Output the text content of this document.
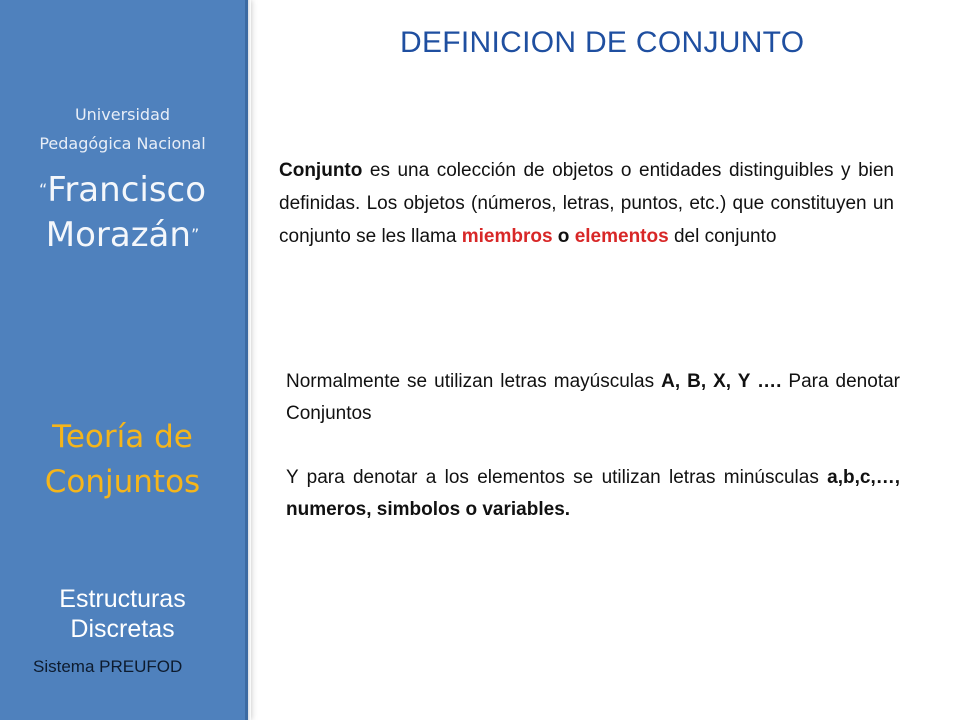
Universidad
Pedagógica Nacional
“Francisco
Morazán”
Teoría de
Conjuntos
Estructuras
Discretas
Sistema PREUFOD
DEFINICION DE CONJUNTO
Conjunto es una colección de objetos o entidades distinguibles y bien definidas. Los objetos (números, letras, puntos, etc.) que constituyen un conjunto se les llama miembros o elementos del conjunto
Normalmente se utilizan letras mayúsculas A, B, X, Y …. Para denotar Conjuntos
Y para denotar a los elementos se utilizan letras minúsculas a,b,c,…, numeros, simbolos o variables.
